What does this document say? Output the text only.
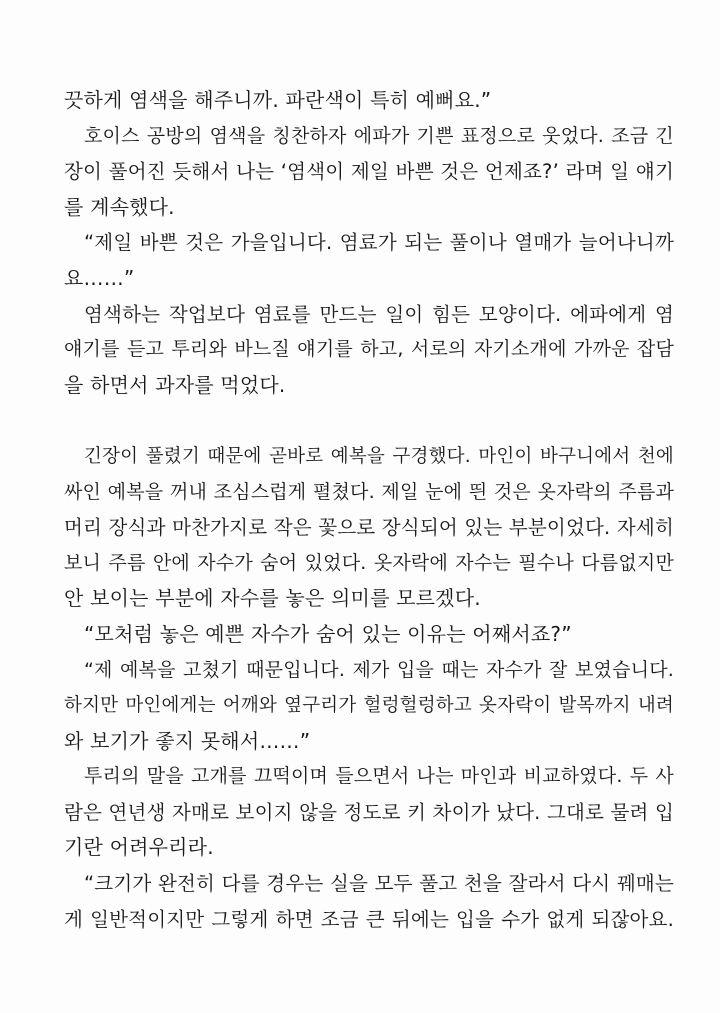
끗하게 염색을 해주니까. 파란색이 특히 예뻐요.”
호이스 공방의 염색을 칭찬하자 에파가 기쁜 표정으로 웃었다. 조금 긴
장이 풀어진 듯해서 나는 ‘염색이 제일 바쁜 것은 언제죠?’ 라며 일 얘기
를 계속했다.
“제일 바쁜 것은 가을입니다. 염료가 되는 풀이나 열매가 늘어나니까
요……”
염색하는 작업보다 염료를 만드는 일이 힘든 모양이다. 에파에게 염
얘기를 듣고 투리와 바느질 얘기를 하고, 서로의 자기소개에 가까운 잡담
을 하면서 과자를 먹었다.
긴장이 풀렸기 때문에 곧바로 예복을 구경했다. 마인이 바구니에서 천에
싸인 예복을 꺼내 조심스럽게 펼쳤다. 제일 눈에 띈 것은 옷자락의 주름과
머리 장식과 마찬가지로 작은 꽃으로 장식되어 있는 부분이었다. 자세히
보니 주름 안에 자수가 숨어 있었다. 옷자락에 자수는 필수나 다름없지만
안 보이는 부분에 자수를 놓은 의미를 모르겠다.
“모처럼 놓은 예쁜 자수가 숨어 있는 이유는 어째서죠?”
“제 예복을 고쳤기 때문입니다. 제가 입을 때는 자수가 잘 보였습니다.
하지만 마인에게는 어깨와 옆구리가 헐렁헐렁하고 옷자락이 발목까지 내려
와 보기가 좋지 못해서……”
투리의 말을 고개를 끄떡이며 들으면서 나는 마인과 비교하였다. 두 사
람은 연년생 자매로 보이지 않을 정도로 키 차이가 났다. 그대로 물려 입
기란 어려우리라.
“크기가 완전히 다를 경우는 실을 모두 풀고 천을 잘라서 다시 꿰매는
게 일반적이지만 그렇게 하면 조금 큰 뒤에는 입을 수가 없게 되잖아요.
